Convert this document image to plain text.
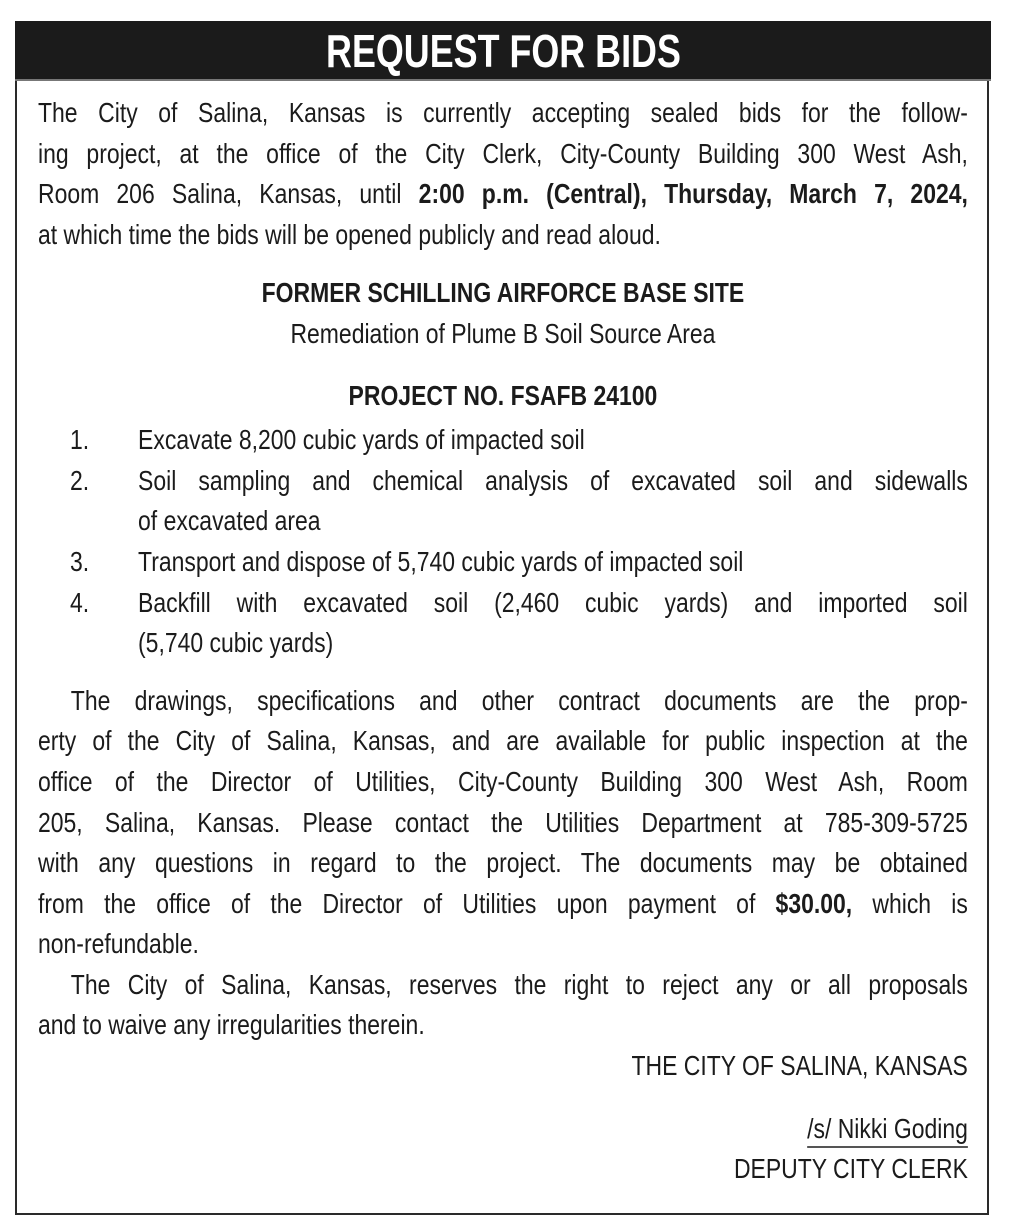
REQUEST FOR BIDS
The City of Salina, Kansas is currently accepting sealed bids for the follow-
ing project, at the office of the City Clerk, City-County Building 300 West Ash,
Room 206 Salina, Kansas, until 2:00 p.m. (Central), Thursday, March 7, 2024,
at which time the bids will be opened publicly and read aloud.
FORMER SCHILLING AIRFORCE BASE SITE
Remediation of Plume B Soil Source Area
PROJECT NO. FSAFB 24100
1.	Excavate 8,200 cubic yards of impacted soil
2.	Soil sampling and chemical analysis of excavated soil and sidewalls
of excavated area
3.	Transport and dispose of 5,740 cubic yards of impacted soil
4.	Backfill with excavated soil (2,460 cubic yards) and imported soil
(5,740 cubic yards)
The drawings, specifications and other contract documents are the prop-
erty of the City of Salina, Kansas, and are available for public inspection at the
office of the Director of Utilities, City-County Building 300 West Ash, Room
205, Salina, Kansas. Please contact the Utilities Department at 785-309-5725
with any questions in regard to the project. The documents may be obtained
from the office of the Director of Utilities upon payment of $30.00, which is
non-refundable.
The City of Salina, Kansas, reserves the right to reject any or all proposals
and to waive any irregularities therein.
THE CITY OF SALINA, KANSAS
/s/ Nikki Goding
DEPUTY CITY CLERK
